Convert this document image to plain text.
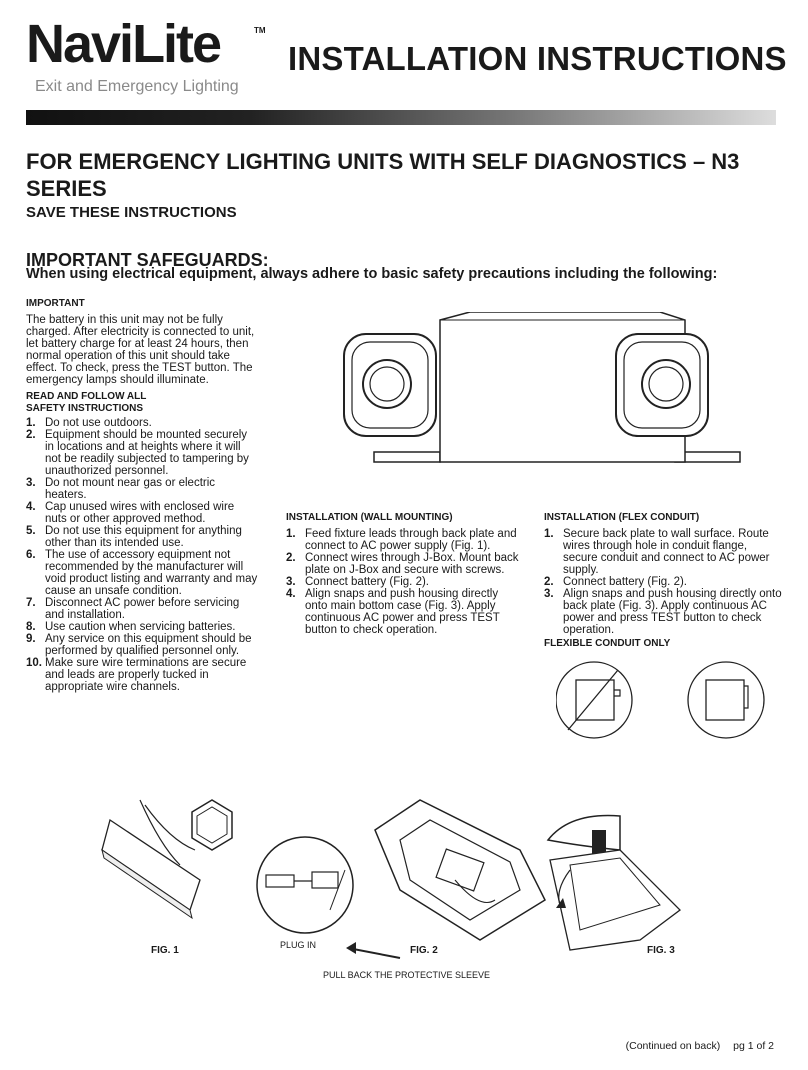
NaviLite	TM
Exit and Emergency Lighting
INSTALLATION INSTRUCTIONS
FOR EMERGENCY LIGHTING UNITS WITH SELF DIAGNOSTICS – N3 SERIES
SAVE THESE INSTRUCTIONS
IMPORTANT SAFEGUARDS:
When using electrical equipment, always adhere to basic safety precautions including the following:
IMPORTANT
The battery in this unit may not be fully charged. After electricity is connected to unit, let battery charge for at least 24 hours, then normal operation of this unit should take effect. To check, press the TEST button. The emergency lamps should illuminate.
READ AND FOLLOW ALL SAFETY INSTRUCTIONS
1. Do not use outdoors.
2. Equipment should be mounted securely in locations and at heights where it will not be readily subjected to tampering by unauthorized personnel.
3. Do not mount near gas or electric heaters.
4. Cap unused wires with enclosed wire nuts or other approved method.
5. Do not use this equipment for anything other than its intended use.
6. The use of accessory equipment not recommended by the manufacturer will void product listing and warranty and may cause an unsafe condition.
7. Disconnect AC power before servicing and installation.
8. Use caution when servicing batteries.
9. Any service on this equipment should be performed by qualified personnel only.
10. Make sure wire terminations are secure and leads are properly tucked in appropriate wire channels.
INSTALLATION (WALL MOUNTING)
1. Feed fixture leads through back plate and connect to AC power supply (Fig. 1).
2. Connect wires through J-Box. Mount back plate on J-Box and secure with screws.
3. Connect battery (Fig. 2).
4. Align snaps and push housing directly onto main bottom case (Fig. 3). Apply continuous AC power and press TEST button to check operation.
INSTALLATION (FLEX CONDUIT)
1. Secure back plate to wall surface. Route wires through hole in conduit flange, secure conduit and connect to AC power supply.
2. Connect battery (Fig. 2).
3. Align snaps and push housing directly onto back plate (Fig. 3). Apply continuous AC power and press TEST button to check operation.
FLEXIBLE CONDUIT ONLY
FIG. 1	PLUG IN	FIG. 2	FIG. 3
PULL BACK THE PROTECTIVE SLEEVE
(Continued on back) pg 1 of 2
